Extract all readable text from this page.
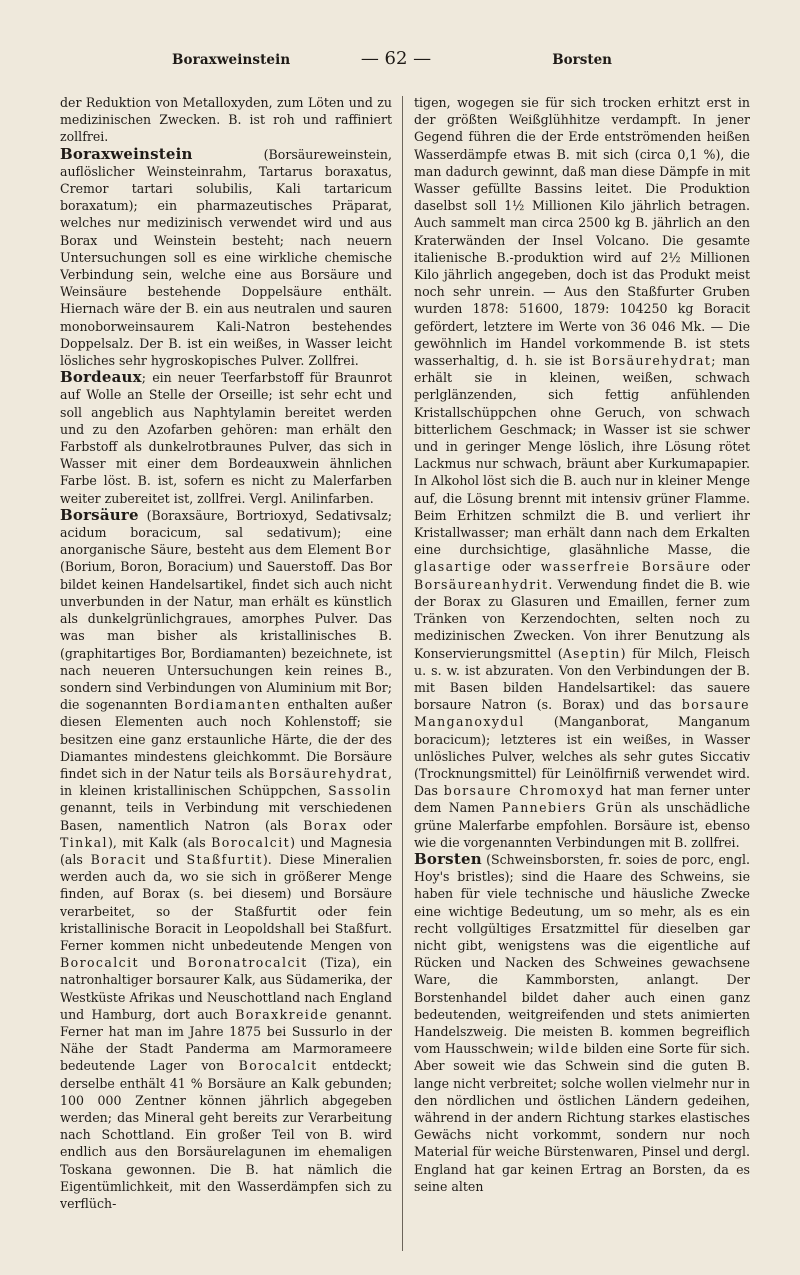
Boraxweinstein	— 62 —	Borsten

der Reduktion von Metalloxyden, zum Löten und zu medizinischen Zwecken. B. ist roh und raffiniert zollfrei.

Boraxweinstein (Borsäureweinstein, auflöslicher Weinsteinrahm, Tartarus boraxatus, Cremor tartari solubilis, Kali tartaricum boraxatum); ein pharmazeutisches Präparat, welches nur medizinisch verwendet wird und aus Borax und Weinstein besteht; nach neuern Untersuchungen soll es eine wirkliche chemische Verbindung sein, welche eine aus Borsäure und Weinsäure bestehende Doppelsäure enthält. Hiernach wäre der B. ein aus neutralen und sauren monoborweinsaurem Kali-Natron bestehendes Doppelsalz. Der B. ist ein weißes, in Wasser leicht lösliches sehr hygroskopisches Pulver. Zollfrei.

Bordeaux; ein neuer Teerfarbstoff für Braunrot auf Wolle an Stelle der Orseille; ist sehr echt und soll angeblich aus Naphtylamin bereitet werden und zu den Azofarben gehören: man erhält den Farbstoff als dunkelrotbraunes Pulver, das sich in Wasser mit einer dem Bordeauxwein ähnlichen Farbe löst. B. ist, sofern es nicht zu Malerfarben weiter zubereitet ist, zollfrei. Vergl. Anilinfarben.

Borsäure (Boraxsäure, Bortrioxyd, Sedativsalz; acidum boracicum, sal sedativum); eine anorganische Säure, besteht aus dem Element Bor (Borium, Boron, Boracium) und Sauerstoff. Das Bor bildet keinen Handelsartikel, findet sich auch nicht unverbunden in der Natur, man erhält es künstlich als dunkelgrünlichgraues, amorphes Pulver. Das was man bisher als kristallinisches B. (graphitartiges Bor, Bordiamanten) bezeichnete, ist nach neueren Untersuchungen kein reines B., sondern sind Verbindungen von Aluminium mit Bor; die sogenannten Bordiamanten enthalten außer diesen Elementen auch noch Kohlenstoff; sie besitzen eine ganz erstaunliche Härte, die der des Diamantes mindestens gleichkommt. Die Borsäure findet sich in der Natur teils als Borsäurehydrat, in kleinen kristallinischen Schüppchen, Sassolin genannt, teils in Verbindung mit verschiedenen Basen, namentlich Natron (als Borax oder Tinkal), mit Kalk (als Borocalcit) und Magnesia (als Boracit und Staßfurtit). Diese Mineralien werden auch da, wo sie sich in größerer Menge finden, auf Borax (s. bei diesem) und Borsäure verarbeitet, so der Staßfurtit oder fein kristallinische Boracit in Leopoldshall bei Staßfurt. Ferner kommen nicht unbedeutende Mengen von Borocalcit und Boronatrocalcit (Tiza), ein natronhaltiger borsaurer Kalk, aus Südamerika, der Westküste Afrikas und Neuschottland nach England und Hamburg, dort auch Boraxkreide genannt. Ferner hat man im Jahre 1875 bei Sussurlo in der Nähe der Stadt Panderma am Marmorameere bedeutende Lager von Borocalcit entdeckt; derselbe enthält 41 % Borsäure an Kalk gebunden; 100 000 Zentner können jährlich abgegeben werden; das Mineral geht bereits zur Verarbeitung nach Schottland. Ein großer Teil von B. wird endlich aus den Borsäurelagunen im ehemaligen Toskana gewonnen. Die B. hat nämlich die Eigentümlichkeit, mit den Wasserdämpfen sich zu verflüch-

tigen, wogegen sie für sich trocken erhitzt erst in der größten Weißglühhitze verdampft. In jener Gegend führen die der Erde entströmenden heißen Wasserdämpfe etwas B. mit sich (circa 0,1 %), die man dadurch gewinnt, daß man diese Dämpfe in mit Wasser gefüllte Bassins leitet. Die Produktion daselbst soll 1½ Millionen Kilo jährlich betragen. Auch sammelt man circa 2500 kg B. jährlich an den Kraterwänden der Insel Volcano. Die gesamte italienische B.-produktion wird auf 2½ Millionen Kilo jährlich angegeben, doch ist das Produkt meist noch sehr unrein. — Aus den Staßfurter Gruben wurden 1878: 51600, 1879: 104250 kg Boracit gefördert, letztere im Werte von 36 046 Mk. — Die gewöhnlich im Handel vorkommende B. ist stets wasserhaltig, d. h. sie ist Borsäurehydrat; man erhält sie in kleinen, weißen, schwach perlglänzenden, sich fettig anfühlenden Kristallschüppchen ohne Geruch, von schwach bitterlichem Geschmack; in Wasser ist sie schwer und in geringer Menge löslich, ihre Lösung rötet Lackmus nur schwach, bräunt aber Kurkumapapier. In Alkohol löst sich die B. auch nur in kleiner Menge auf, die Lösung brennt mit intensiv grüner Flamme. Beim Erhitzen schmilzt die B. und verliert ihr Kristallwasser; man erhält dann nach dem Erkalten eine durchsichtige, glasähnliche Masse, die glasartige oder wasserfreie Borsäure oder Borsäureanhydrit. Verwendung findet die B. wie der Borax zu Glasuren und Emaillen, ferner zum Tränken von Kerzendochten, selten noch zu medizinischen Zwecken. Von ihrer Benutzung als Konservierungsmittel (Aseptin) für Milch, Fleisch u. s. w. ist abzuraten. Von den Verbindungen der B. mit Basen bilden Handelsartikel: das sauere borsaure Natron (s. Borax) und das borsaure Manganoxydul (Manganborat, Manganum boracicum); letzteres ist ein weißes, in Wasser unlösliches Pulver, welches als sehr gutes Siccativ (Trocknungsmittel) für Leinölfirniß verwendet wird. Das borsaure Chromoxyd hat man ferner unter dem Namen Pannebiers Grün als unschädliche grüne Malerfarbe empfohlen. Borsäure ist, ebenso wie die vorgenannten Verbindungen mit B. zollfrei.

Borsten (Schweinsborsten, fr. soies de porc, engl. Hoy's bristles); sind die Haare des Schweins, sie haben für viele technische und häusliche Zwecke eine wichtige Bedeutung, um so mehr, als es ein recht vollgültiges Ersatzmittel für dieselben gar nicht gibt, wenigstens was die eigentliche auf Rücken und Nacken des Schweines gewachsene Ware, die Kammborsten, anlangt. Der Borstenhandel bildet daher auch einen ganz bedeutenden, weitgreifenden und stets animierten Handelszweig. Die meisten B. kommen begreiflich vom Hausschwein; wilde bilden eine Sorte für sich. Aber soweit wie das Schwein sind die guten B. lange nicht verbreitet; solche wollen vielmehr nur in den nördlichen und östlichen Ländern gedeihen, während in der andern Richtung starkes elastisches Gewächs nicht vorkommt, sondern nur noch Material für weiche Bürstenwaren, Pinsel und dergl. England hat gar keinen Ertrag an Borsten, da es seine alten
